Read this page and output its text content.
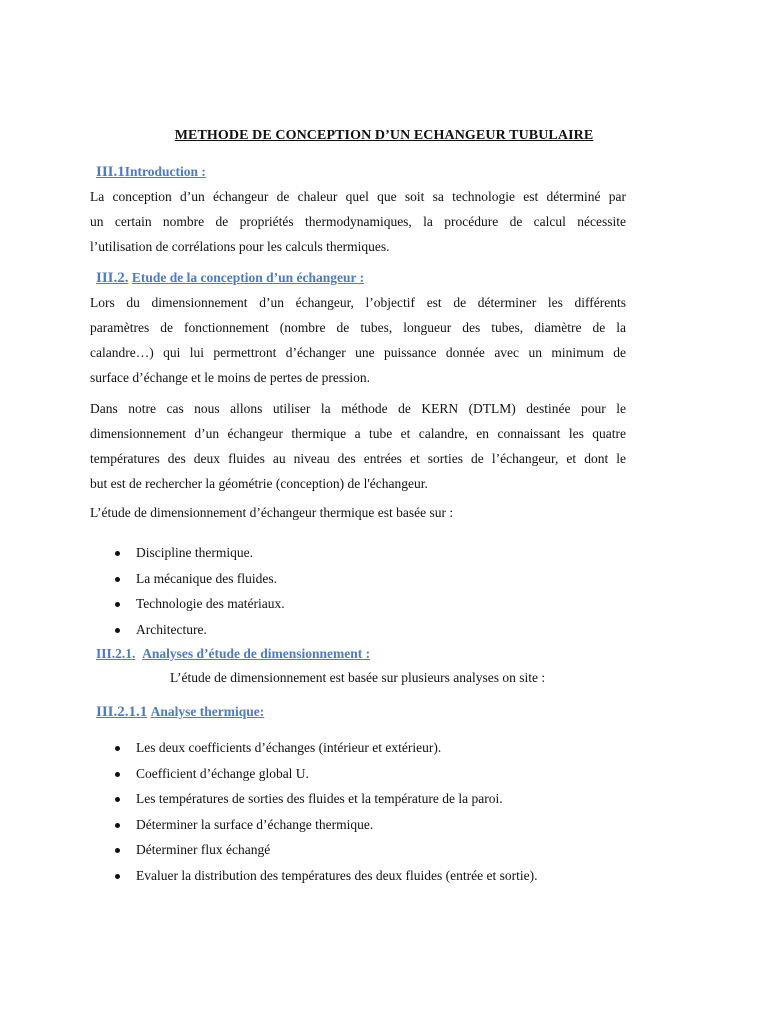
METHODE DE CONCEPTION D’UN ECHANGEUR TUBULAIRE
III.1Introduction :
La conception d’un échangeur de chaleur quel que soit sa technologie est déterminé par
un certain nombre de propriétés thermodynamiques, la procédure de calcul nécessite
l’utilisation de corrélations pour les calculs thermiques.
III.2. Etude de la conception d’un échangeur :
Lors du dimensionnement d’un échangeur, l’objectif est de déterminer les différents
paramètres de fonctionnement (nombre de tubes, longueur des tubes, diamètre de la
calandre…) qui lui permettront d’échanger une puissance donnée avec un minimum de
surface d’échange et le moins de pertes de pression.
Dans notre cas nous allons utiliser la méthode de KERN (DTLM) destinée pour le
dimensionnement d’un échangeur thermique a tube et calandre, en connaissant les quatre
températures des deux fluides au niveau des entrées et sorties de l’échangeur, et dont le
but est de rechercher la géométrie (conception) de l'échangeur.
L’étude de dimensionnement d’échangeur thermique est basée sur :
Discipline thermique.
La mécanique des fluides.
Technologie des matériaux.
Architecture.
III.2.1. Analyses d’étude de dimensionnement :
L’étude de dimensionnement est basée sur plusieurs analyses on site :
III.2.1.1 Analyse thermique:
Les deux coefficients d’échanges (intérieur et extérieur).
Coefficient d’échange global U.
Les températures de sorties des fluides et la température de la paroi.
Déterminer la surface d’échange thermique.
Déterminer flux échangé
Evaluer la distribution des températures des deux fluides (entrée et sortie).
